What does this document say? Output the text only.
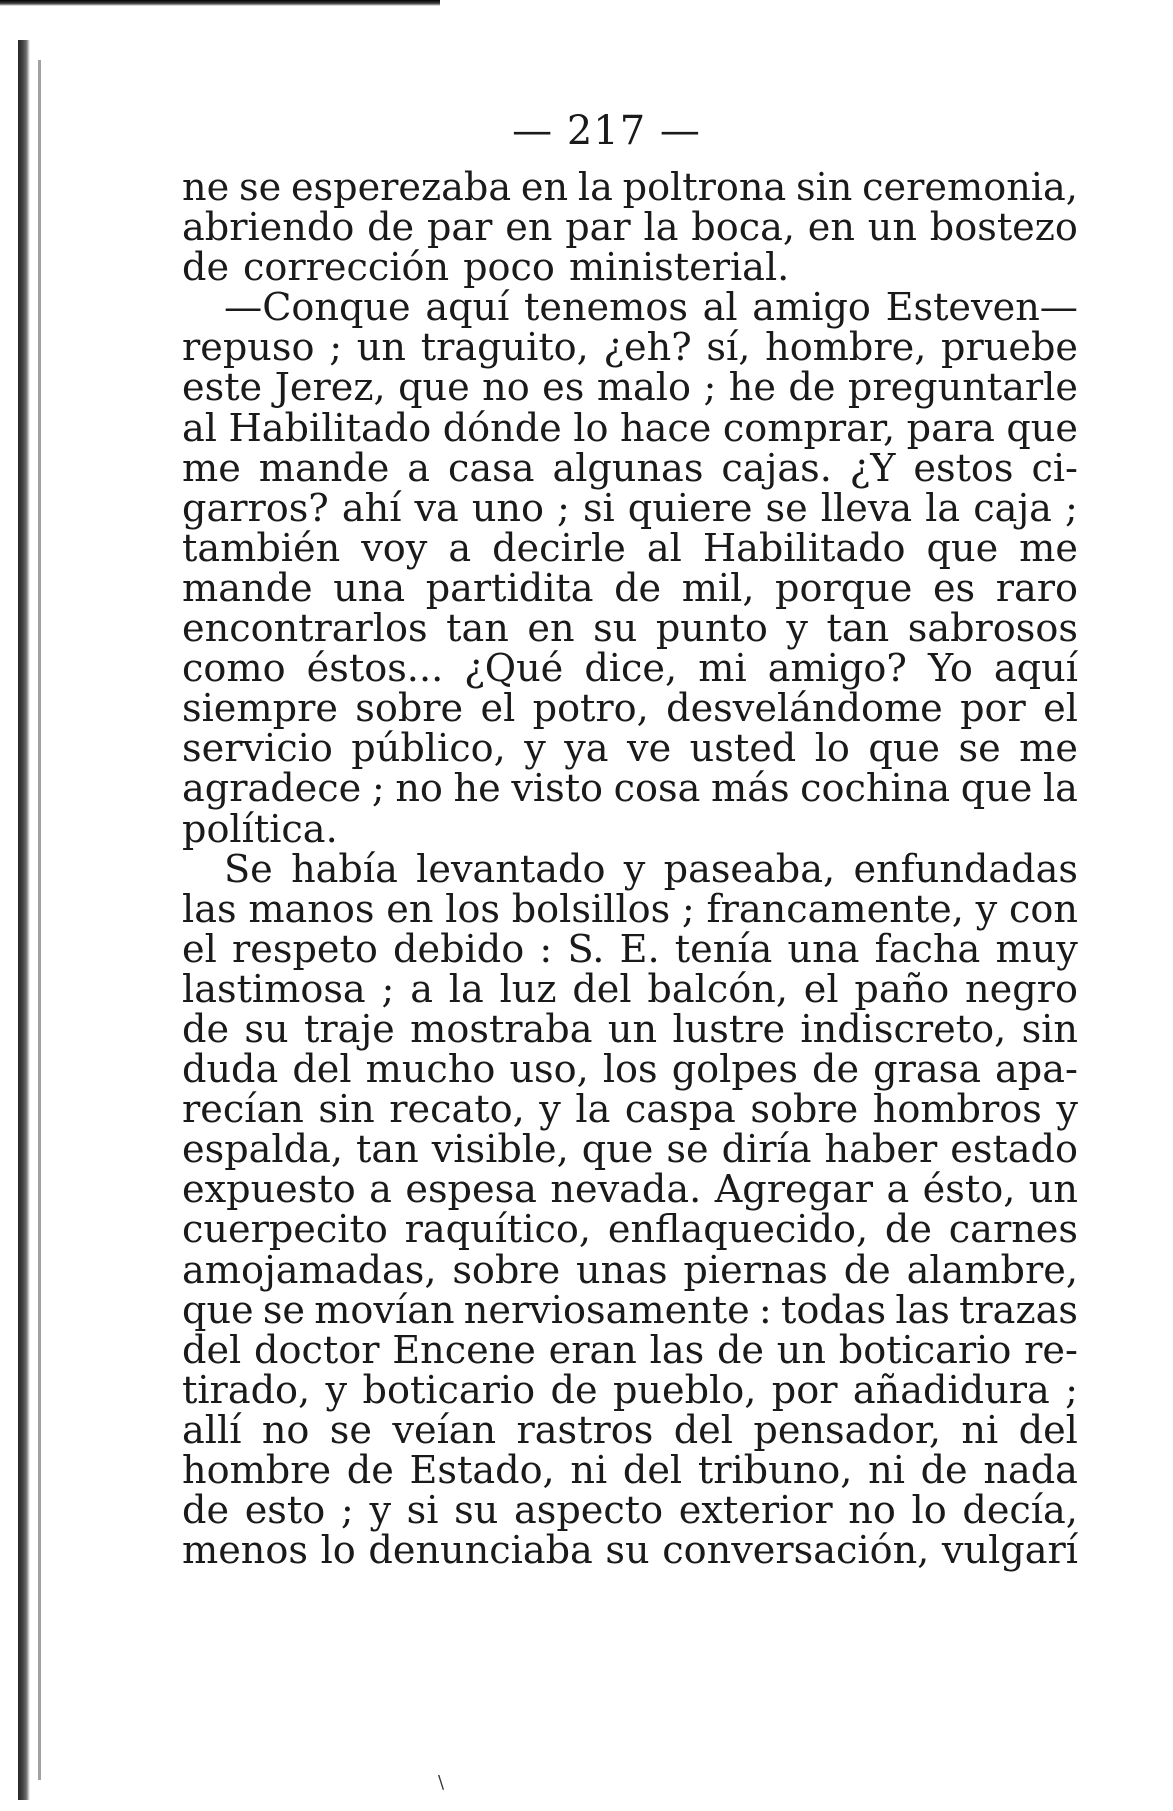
— 217 —
ne se esperezaba en la poltrona sin ceremonia,
abriendo de par en par la boca, en un bostezo
de corrección poco ministerial.
—Conque aquí tenemos al amigo Esteven—
repuso ; un traguito, ¿eh? sí, hombre, pruebe
este Jerez, que no es malo ; he de preguntarle
al Habilitado dónde lo hace comprar, para que
me mande a casa algunas cajas. ¿Y estos ci-
garros? ahí va uno ; si quiere se lleva la caja ;
también voy a decirle al Habilitado que me
mande una partidita de mil, porque es raro
encontrarlos tan en su punto y tan sabrosos
como éstos... ¿Qué dice, mi amigo? Yo aquí
siempre sobre el potro, desvelándome por el
servicio público, y ya ve usted lo que se me
agradece ; no he visto cosa más cochina que la
política.
Se había levantado y paseaba, enfundadas
las manos en los bolsillos ; francamente, y con
el respeto debido : S. E. tenía una facha muy
lastimosa ; a la luz del balcón, el paño negro
de su traje mostraba un lustre indiscreto, sin
duda del mucho uso, los golpes de grasa apa-
recían sin recato, y la caspa sobre hombros y
espalda, tan visible, que se diría haber estado
expuesto a espesa nevada. Agregar a ésto, un
cuerpecito raquítico, enflaquecido, de carnes
amojamadas, sobre unas piernas de alambre,
que se movían nerviosamente : todas las trazas
del doctor Encene eran las de un boticario re-
tirado, y boticario de pueblo, por añadidura ;
allí no se veían rastros del pensador, ni del
hombre de Estado, ni del tribuno, ni de nada
de esto ; y si su aspecto exterior no lo decía,
menos lo denunciaba su conversación, vulgarí
\
